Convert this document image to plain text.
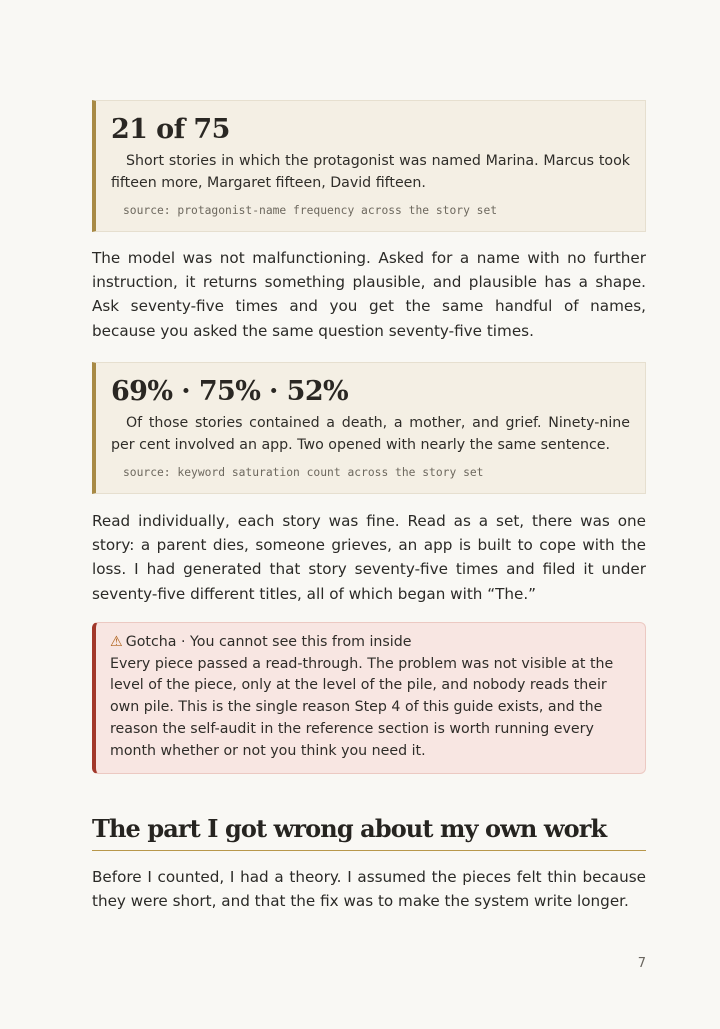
21 of 75

Short stories in which the protagonist was named Marina. Marcus took fifteen more, Margaret fifteen, David fifteen.

source: protagonist-name frequency across the story set

The model was not malfunctioning. Asked for a name with no further instruction, it returns something plausible, and plausible has a shape. Ask seventy-five times and you get the same handful of names, because you asked the same question seventy-five times.

69% · 75% · 52%

Of those stories contained a death, a mother, and grief. Ninety-nine per cent involved an app. Two opened with nearly the same sentence.

source: keyword saturation count across the story set

Read individually, each story was fine. Read as a set, there was one story: a parent dies, someone grieves, an app is built to cope with the loss. I had generated that story seventy-five times and filed it under seventy-five different titles, all of which began with “The.”

⚠ Gotcha · You cannot see this from inside

Every piece passed a read-through. The problem was not visible at the level of the piece, only at the level of the pile, and nobody reads their own pile. This is the single reason Step 4 of this guide exists, and the reason the self-audit in the reference section is worth running every month whether or not you think you need it.

The part I got wrong about my own work

Before I counted, I had a theory. I assumed the pieces felt thin because they were short, and that the fix was to make the system write longer.

7
